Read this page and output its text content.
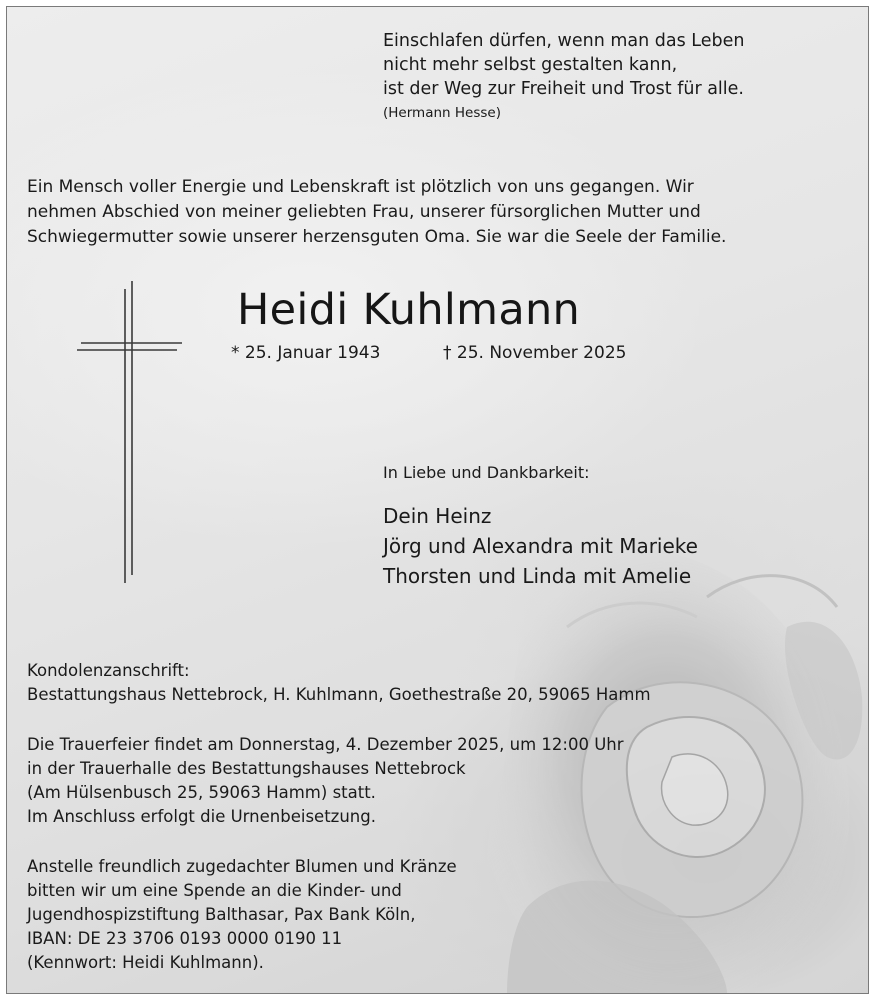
Einschlafen dürfen, wenn man das Leben
nicht mehr selbst gestalten kann,
ist der Weg zur Freiheit und Trost für alle.
(Hermann Hesse)
Ein Mensch voller Energie und Lebenskraft ist plötzlich von uns gegangen. Wir
nehmen Abschied von meiner geliebten Frau, unserer fürsorglichen Mutter und
Schwiegermutter sowie unserer herzensguten Oma. Sie war die Seele der Familie.
Heidi Kuhlmann
* 25. Januar 1943	† 25. November 2025
In Liebe und Dankbarkeit:
Dein Heinz
Jörg und Alexandra mit Marieke
Thorsten und Linda mit Amelie
Kondolenzanschrift:
Bestattungshaus Nettebrock, H. Kuhlmann, Goethestraße 20, 59065 Hamm
Die Trauerfeier findet am Donnerstag, 4. Dezember 2025, um 12:00 Uhr
in der Trauerhalle des Bestattungshauses Nettebrock
(Am Hülsenbusch 25, 59063 Hamm) statt.
Im Anschluss erfolgt die Urnenbeisetzung.
Anstelle freundlich zugedachter Blumen und Kränze
bitten wir um eine Spende an die Kinder- und
Jugendhospizstiftung Balthasar, Pax Bank Köln,
IBAN: DE 23 3706 0193 0000 0190 11
(Kennwort: Heidi Kuhlmann).
